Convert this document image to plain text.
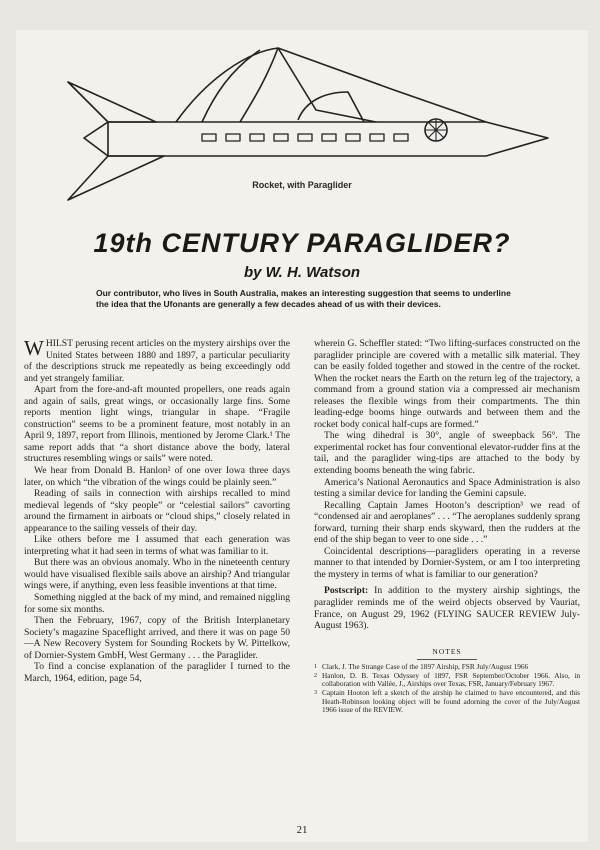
Rocket, with Paraglider
19th CENTURY PARAGLIDER?
by W. H. Watson
Our contributor, who lives in South Australia, makes an interesting suggestion that seems to underline the idea that the Ufonants are generally a few decades ahead of us with their devices.

WHILST perusing recent articles on the mystery airships over the United States between 1880 and 1897, a particular peculiarity of the descriptions struck me repeatedly as being exceedingly odd and yet strangely familiar.

Apart from the fore-and-aft mounted propellers, one reads again and again of sails, great wings, or occasionally large fins. Some reports mention light wings, triangular in shape. “Fragile construction” seems to be a prominent feature, most notably in an April 9, 1897, report from Illinois, mentioned by Jerome Clark.¹ The same report adds that “a short distance above the body, lateral structures resembling wings or sails” were noted.

We hear from Donald B. Hanlon² of one over Iowa three days later, on which “the vibration of the wings could be plainly seen.”

Reading of sails in connection with airships recalled to mind medieval legends of “sky people” or “celestial sailors” cavorting around the firmament in airboats or “cloud ships,” closely related in appearance to the sailing vessels of their day.

Like others before me I assumed that each generation was interpreting what it had seen in terms of what was familiar to it.

But there was an obvious anomaly. Who in the nineteenth century would have visualised flexible sails above an airship? And triangular wings were, if anything, even less feasible inventions at that time.

Something niggled at the back of my mind, and remained niggling for some six months.

Then the February, 1967, copy of the British Interplanetary Society’s magazine Spaceflight arrived, and there it was on page 50—A New Recovery System for Sounding Rockets by W. Pittelkow, of Dornier-System GmbH, West Germany . . . the Paraglider.

To find a concise explanation of the paraglider I turned to the March, 1964, edition, page 54,

wherein G. Scheffler stated: “Two lifting-surfaces constructed on the paraglider principle are covered with a metallic silk material. They can be easily folded together and stowed in the centre of the rocket. When the rocket nears the Earth on the return leg of the trajectory, a command from a ground station via a compressed air mechanism releases the flexible wings from their compartments. The thin leading-edge booms hinge outwards and between them and the rocket body conical half-cups are formed.”

The wing dihedral is 30°, angle of sweepback 56°. The experimental rocket has four conventional elevator-rudder fins at the tail, and the paraglider wing-tips are attached to the body by extending booms beneath the wing fabric.

America’s National Aeronautics and Space Administration is also testing a similar device for landing the Gemini capsule.

Recalling Captain James Hooton’s description³ we read of “condensed air and aeroplanes” . . . “The aeroplanes suddenly sprang forward, turning their sharp ends skyward, then the rudders at the end of the ship began to veer to one side . . .”

Coincidental descriptions—paragliders operating in a reverse manner to that intended by Dornier-System, or am I too interpreting the mystery in terms of what is familiar to our generation?

Postscript: In addition to the mystery airship sightings, the paraglider reminds me of the weird objects observed by Vauriat, France, on August 29, 1962 (FLYING SAUCER REVIEW July-August 1963).

NOTES

1 Clark, J. The Strange Case of the 1897 Airship, FSR July/August 1966

2 Hanlon, D. B. Texas Odyssey of 1897, FSR September/October 1966. Also, in collaboration with Vallée, J., Airships over Texas, FSR, January/February 1967.

3 Captain Hooton left a sketch of the airship he claimed to have encountered, and this Heath-Robinson looking object will be found adorning the cover of the July/August 1966 issue of the REVIEW.

21
